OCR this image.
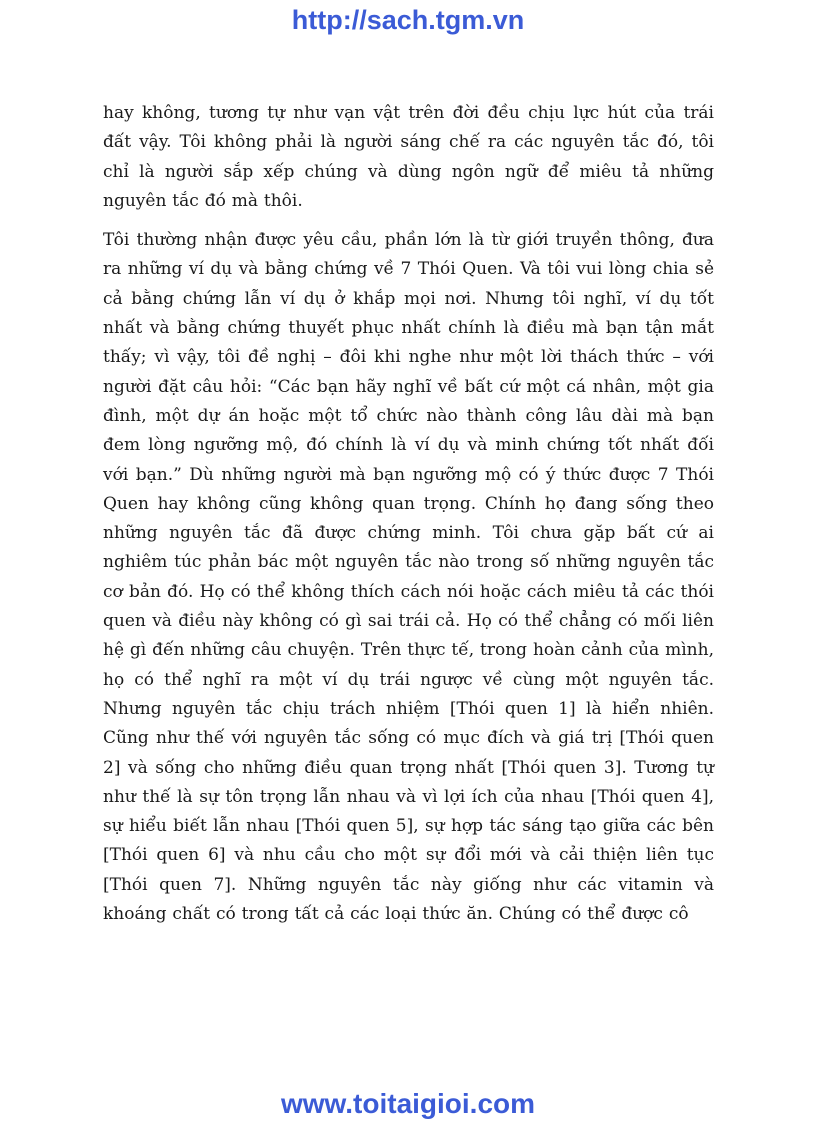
http://sach.tgm.vn

hay không, tương tự như vạn vật trên đời đều chịu lực hút của trái đất vậy. Tôi không phải là người sáng chế ra các nguyên tắc đó, tôi chỉ là người sắp xếp chúng và dùng ngôn ngữ để miêu tả những nguyên tắc đó mà thôi.

Tôi thường nhận được yêu cầu, phần lớn là từ giới truyền thông, đưa ra những ví dụ và bằng chứng về 7 Thói Quen. Và tôi vui lòng chia sẻ cả bằng chứng lẫn ví dụ ở khắp mọi nơi. Nhưng tôi nghĩ, ví dụ tốt nhất và bằng chứng thuyết phục nhất chính là điều mà bạn tận mắt thấy; vì vậy, tôi đề nghị – đôi khi nghe như một lời thách thức – với người đặt câu hỏi: “Các bạn hãy nghĩ về bất cứ một cá nhân, một gia đình, một dự án hoặc một tổ chức nào thành công lâu dài mà bạn đem lòng ngưỡng mộ, đó chính là ví dụ và minh chứng tốt nhất đối với bạn.” Dù những người mà bạn ngưỡng mộ có ý thức được 7 Thói Quen hay không cũng không quan trọng. Chính họ đang sống theo những nguyên tắc đã được chứng minh. Tôi chưa gặp bất cứ ai nghiêm túc phản bác một nguyên tắc nào trong số những nguyên tắc cơ bản đó. Họ có thể không thích cách nói hoặc cách miêu tả các thói quen và điều này không có gì sai trái cả. Họ có thể chẳng có mối liên hệ gì đến những câu chuyện. Trên thực tế, trong hoàn cảnh của mình, họ có thể nghĩ ra một ví dụ trái ngược về cùng một nguyên tắc. Nhưng nguyên tắc chịu trách nhiệm [Thói quen 1] là hiển nhiên. Cũng như thế với nguyên tắc sống có mục đích và giá trị [Thói quen 2] và sống cho những điều quan trọng nhất [Thói quen 3]. Tương tự như thế là sự tôn trọng lẫn nhau và vì lợi ích của nhau [Thói quen 4], sự hiểu biết lẫn nhau [Thói quen 5], sự hợp tác sáng tạo giữa các bên [Thói quen 6] và nhu cầu cho một sự đổi mới và cải thiện liên tục [Thói quen 7]. Những nguyên tắc này giống như các vitamin và khoáng chất có trong tất cả các loại thức ăn. Chúng có thể được cô

www.toitaigioi.com
